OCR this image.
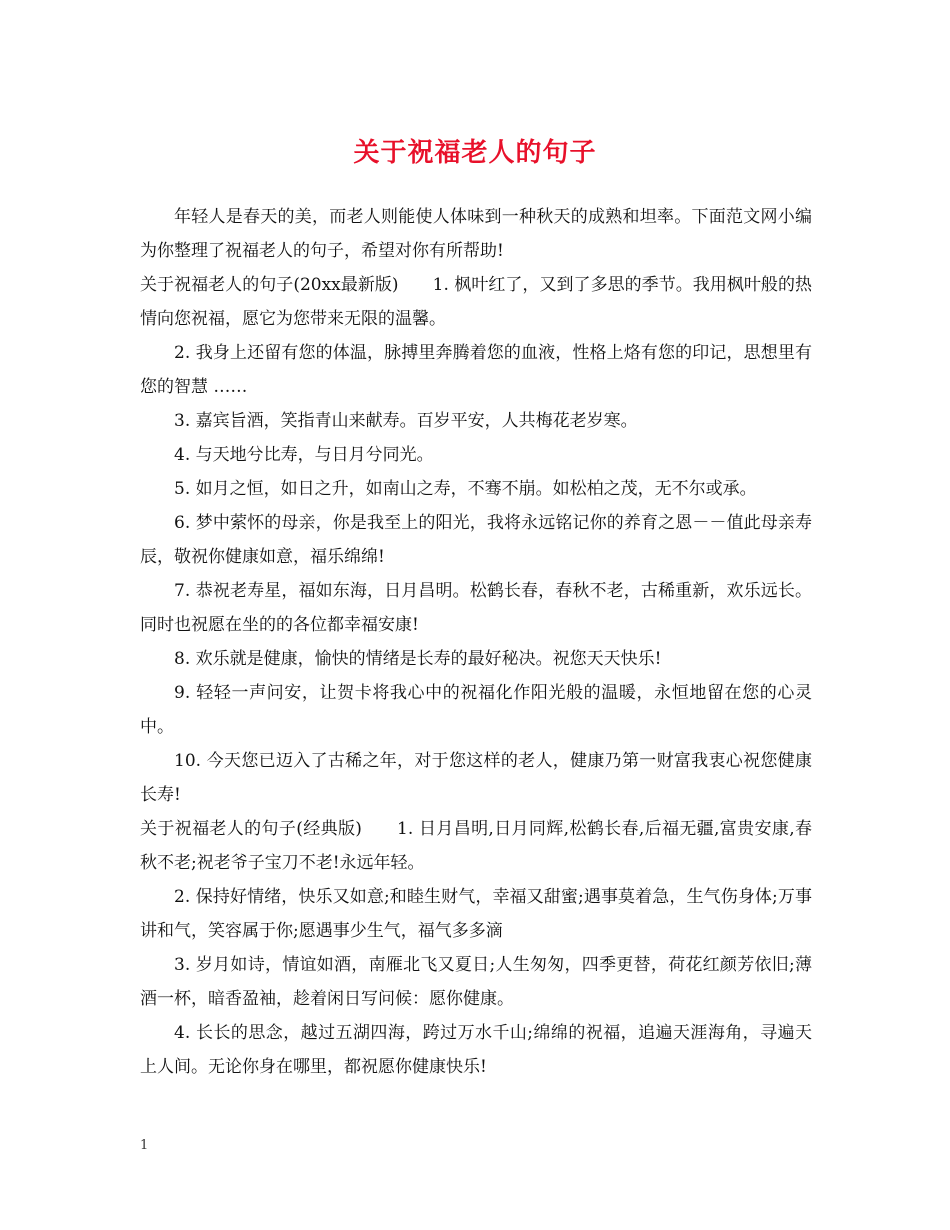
关于祝福老人的句子

年轻人是春天的美，而老人则能使人体味到一种秋天的成熟和坦率。下面范文网小编为你整理了祝福老人的句子，希望对你有所帮助!

关于祝福老人的句子(20xx最新版)　　1. 枫叶红了，又到了多思的季节。我用枫叶般的热情向您祝福，愿它为您带来无限的温馨。

2. 我身上还留有您的体温，脉搏里奔腾着您的血液，性格上烙有您的印记，思想里有您的智慧 ……

3. 嘉宾旨酒，笑指青山来献寿。百岁平安，人共梅花老岁寒。

4. 与天地兮比寿，与日月兮同光。

5. 如月之恒，如日之升，如南山之寿，不骞不崩。如松柏之茂，无不尔或承。

6. 梦中萦怀的母亲，你是我至上的阳光，我将永远铭记你的养育之恩－－值此母亲寿辰，敬祝你健康如意，福乐绵绵!

7. 恭祝老寿星，福如东海，日月昌明。松鹤长春，春秋不老，古稀重新，欢乐远长。同时也祝愿在坐的的各位都幸福安康!

8. 欢乐就是健康，愉快的情绪是长寿的最好秘决。祝您天天快乐!

9. 轻轻一声问安，让贺卡将我心中的祝福化作阳光般的温暖，永恒地留在您的心灵中。

10. 今天您已迈入了古稀之年，对于您这样的老人，健康乃第一财富我衷心祝您健康长寿!

关于祝福老人的句子(经典版)　　1. 日月昌明,日月同辉,松鹤长春,后福无疆,富贵安康,春秋不老;祝老爷子宝刀不老!永远年轻。

2. 保持好情绪，快乐又如意;和睦生财气，幸福又甜蜜;遇事莫着急，生气伤身体;万事讲和气，笑容属于你;愿遇事少生气，福气多多滴

3. 岁月如诗，情谊如酒，南雁北飞又夏日;人生匆匆，四季更替，荷花红颜芳依旧;薄酒一杯，暗香盈袖，趁着闲日写问候：愿你健康。

4. 长长的思念，越过五湖四海，跨过万水千山;绵绵的祝福，追遍天涯海角，寻遍天上人间。无论你身在哪里，都祝愿你健康快乐!

1
